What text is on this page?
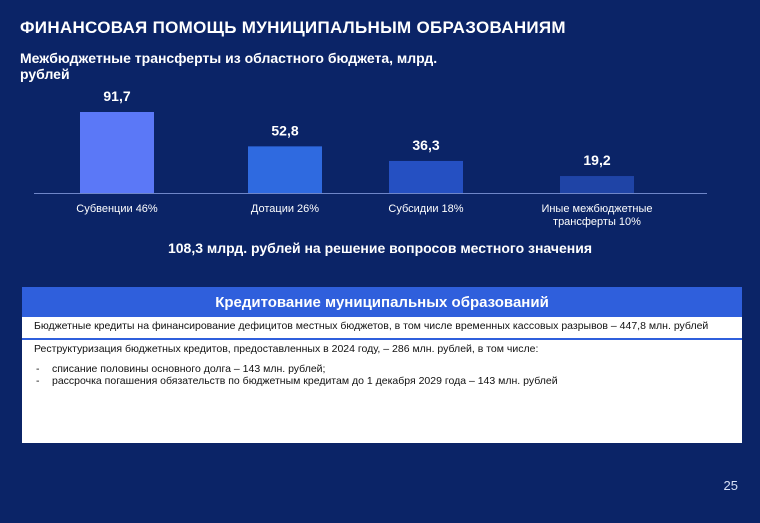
ФИНАНСОВАЯ ПОМОЩЬ МУНИЦИПАЛЬНЫМ ОБРАЗОВАНИЯМ
Межбюджетные трансферты из областного бюджета, млрд. рублей
91,7
Субвенции 46%
52,8
Дотации 26%
36,3
Субсидии 18%
19,2
Иные межбюджетные трансферты 10%
108,3 млрд. рублей на решение вопросов местного значения
Кредитование муниципальных образований
Бюджетные кредиты на финансирование дефицитов местных бюджетов, в том числе временных кассовых разрывов – 447,8 млн. рублей
Реструктуризация бюджетных кредитов, предоставленных в 2024 году, – 286 млн. рублей, в том числе:
- списание половины основного долга – 143 млн. рублей;
- рассрочка погашения обязательств по бюджетным кредитам до 1 декабря 2029 года – 143 млн. рублей
25
